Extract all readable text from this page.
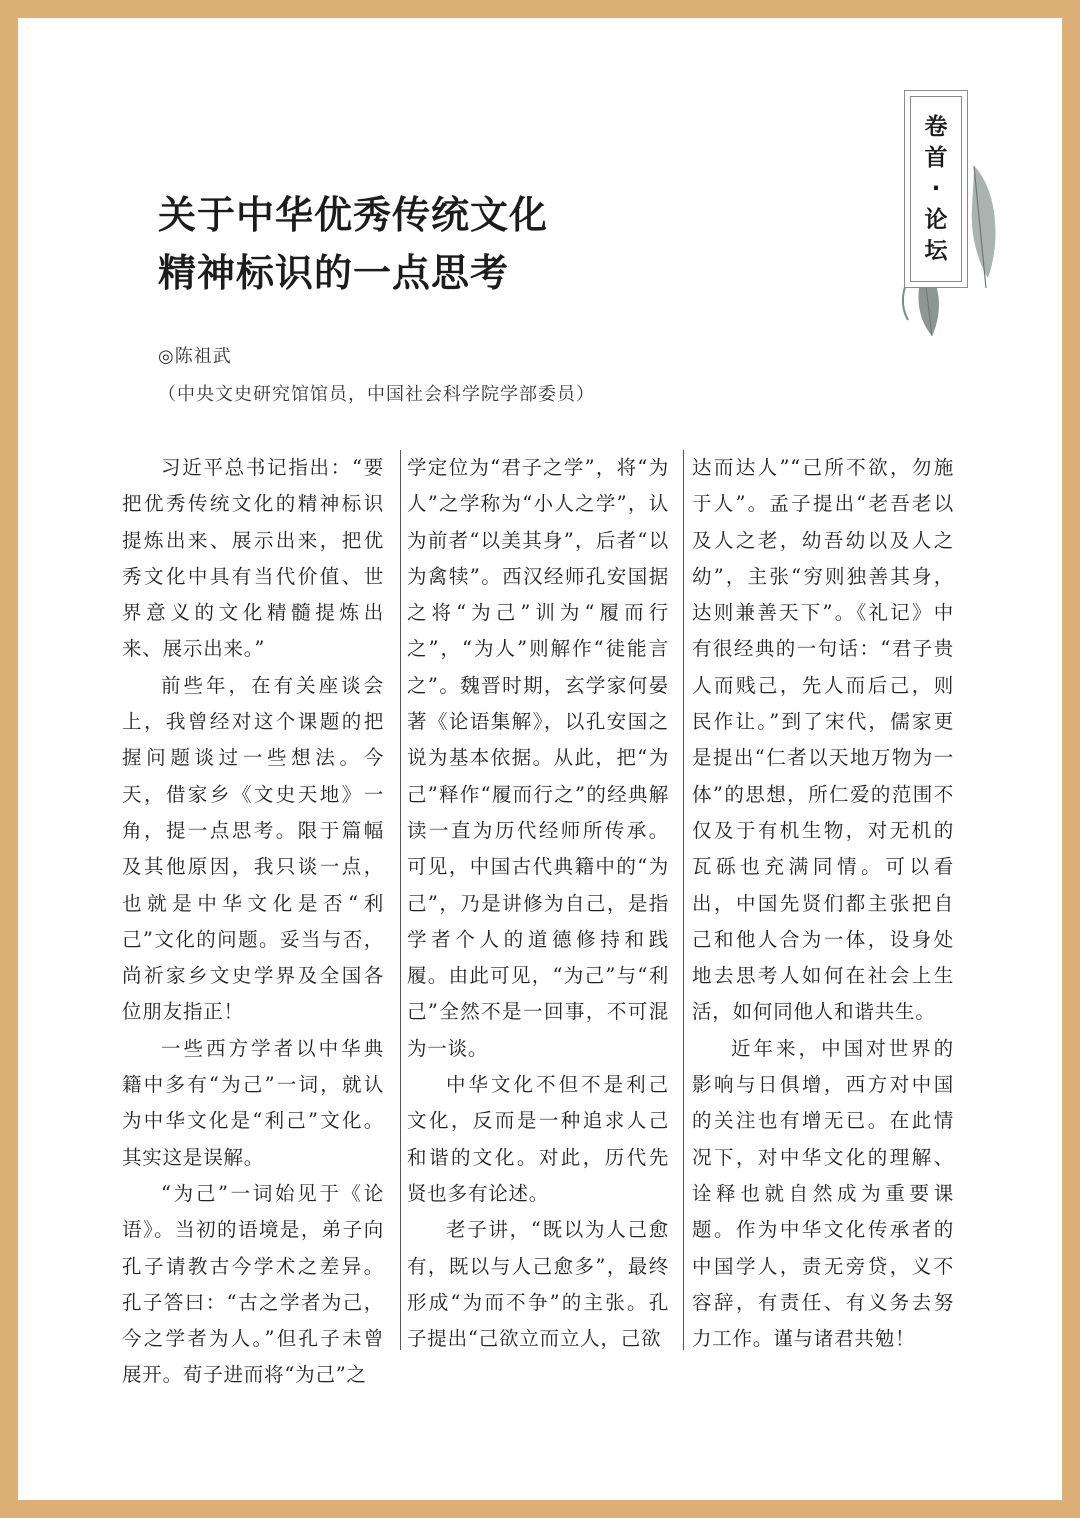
卷
首
·
论
坛
关于中华优秀传统文化
精神标识的一点思考
◎陈祖武
（中央文史研究馆馆员，中国社会科学院学部委员）

习近平总书记指出：“要把优秀传统文化的精神标识提炼出来、展示出来，把优秀文化中具有当代价值、世界意义的文化精髓提炼出来、展示出来。”

前些年，在有关座谈会上，我曾经对这个课题的把握问题谈过一些想法。今天，借家乡《文史天地》一角，提一点思考。限于篇幅及其他原因，我只谈一点，也就是中华文化是否“利己”文化的问题。妥当与否，尚祈家乡文史学界及全国各位朋友指正！

一些西方学者以中华典籍中多有“为己”一词，就认为中华文化是“利己”文化。其实这是误解。

“为己”一词始见于《论语》。当初的语境是，弟子向孔子请教古今学术之差异。孔子答曰：“古之学者为己，今之学者为人。”但孔子未曾展开。荀子进而将“为己”之

学定位为“君子之学”，将“为人”之学称为“小人之学”，认为前者“以美其身”，后者“以为禽犊”。西汉经师孔安国据之将“为己”训为“履而行之”，“为人”则解作“徒能言之”。魏晋时期，玄学家何晏著《论语集解》，以孔安国之说为基本依据。从此，把“为己”释作“履而行之”的经典解读一直为历代经师所传承。可见，中国古代典籍中的“为己”，乃是讲修为自己，是指学者个人的道德修持和践履。由此可见，“为己”与“利己”全然不是一回事，不可混为一谈。

中华文化不但不是利己文化，反而是一种追求人己和谐的文化。对此，历代先贤也多有论述。

老子讲，“既以为人己愈有，既以与人己愈多”，最终形成“为而不争”的主张。孔子提出“己欲立而立人，己欲

达而达人”“己所不欲，勿施于人”。孟子提出“老吾老以及人之老，幼吾幼以及人之幼”，主张“穷则独善其身，达则兼善天下”。《礼记》中有很经典的一句话：“君子贵人而贱己，先人而后己，则民作让。”到了宋代，儒家更是提出“仁者以天地万物为一体”的思想，所仁爱的范围不仅及于有机生物，对无机的瓦砾也充满同情。可以看出，中国先贤们都主张把自己和他人合为一体，设身处地去思考人如何在社会上生活，如何同他人和谐共生。

近年来，中国对世界的影响与日俱增，西方对中国的关注也有增无已。在此情况下，对中华文化的理解、诠释也就自然成为重要课题。作为中华文化传承者的中国学人，责无旁贷，义不容辞，有责任、有义务去努力工作。谨与诸君共勉！
